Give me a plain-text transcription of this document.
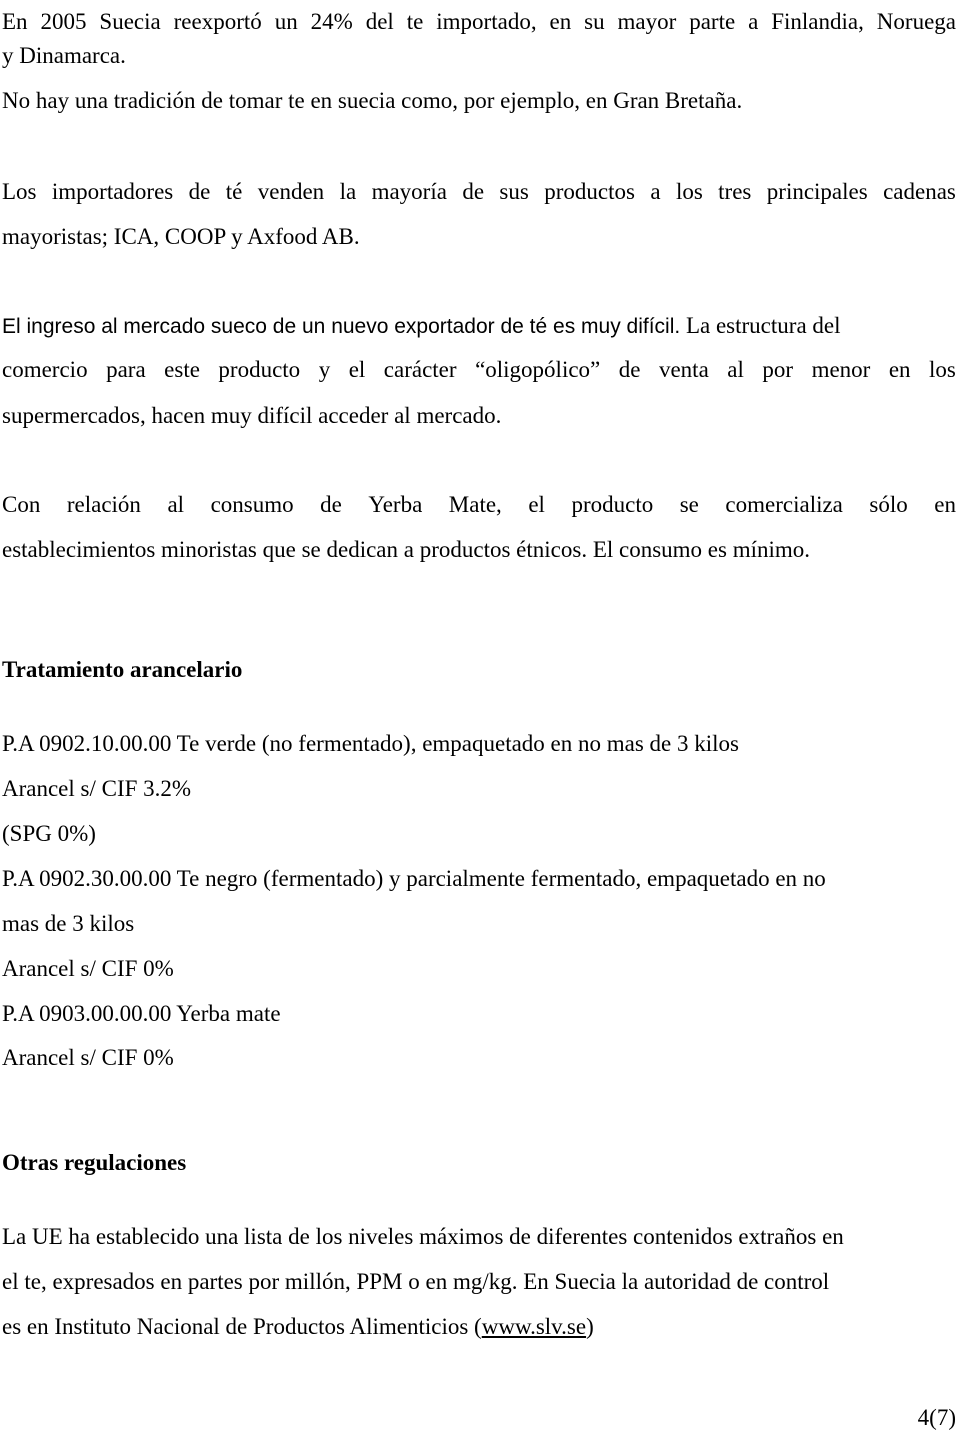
En 2005 Suecia reexportó un 24% del te importado, en su mayor parte a Finlandia, Noruega
y Dinamarca.
No hay una tradición de tomar te en suecia como, por ejemplo, en Gran Bretaña.
Los importadores de té venden la mayoría de sus productos a los tres principales cadenas
mayoristas; ICA, COOP y Axfood AB.
El ingreso al mercado sueco de un nuevo exportador de té es muy difícil. La estructura del
comercio para este producto y el carácter “oligopólico” de venta al por menor en los
supermercados, hacen muy difícil acceder al mercado.
Con relación al consumo de Yerba Mate, el producto se comercializa sólo en
establecimientos minoristas que se dedican a productos étnicos. El consumo es mínimo.
Tratamiento arancelario
P.A 0902.10.00.00 Te verde (no fermentado), empaquetado en no mas de 3 kilos
Arancel s/ CIF 3.2%
(SPG 0%)
P.A 0902.30.00.00 Te negro (fermentado) y parcialmente fermentado, empaquetado en no
mas de 3 kilos
Arancel s/ CIF 0%
P.A 0903.00.00.00 Yerba mate
Arancel s/ CIF 0%
Otras regulaciones
La UE ha establecido una lista de los niveles máximos de diferentes contenidos extraños en
el te, expresados en partes por millón, PPM o en mg/kg. En Suecia la autoridad de control
es en Instituto Nacional de Productos Alimenticios (www.slv.se)
4(7)
